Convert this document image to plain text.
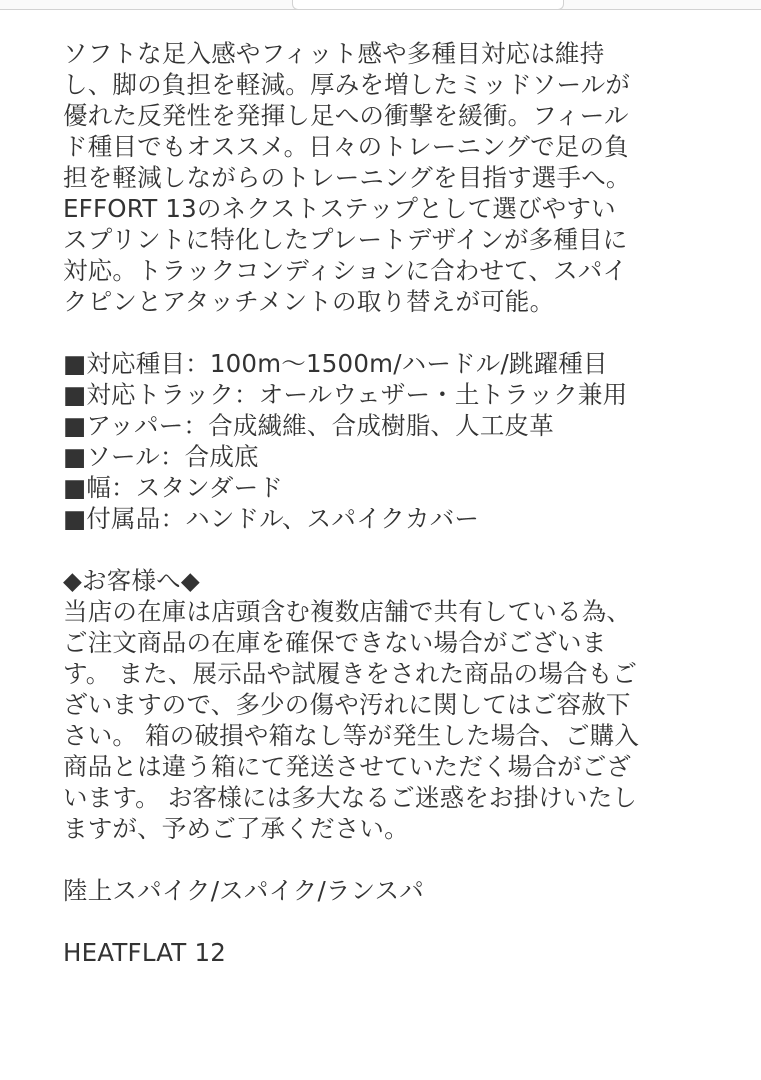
ソフトな足入感やフィット感や多種目対応は維持
し、脚の負担を軽減。厚みを増したミッドソールが
優れた反発性を発揮し足への衝撃を緩衝。フィール
ド種目でもオススメ。日々のトレーニングで足の負
担を軽減しながらのトレーニングを目指す選手へ。
EFFORT 13のネクストステップとして選びやすい
スプリントに特化したプレートデザインが多種目に
対応。トラックコンディションに合わせて、スパイ
クピンとアタッチメントの取り替えが可能。

■対応種目：100m〜1500m/ハードル/跳躍種目
■対応トラック：オールウェザー・土トラック兼用
■アッパー：合成繊維、合成樹脂、人工皮革
■ソール：合成底
■幅：スタンダード
■付属品：ハンドル、スパイクカバー

◆お客様へ◆

当店の在庫は店頭含む複数店舗で共有している為、
ご注文商品の在庫を確保できない場合がございま
す。 また、展示品や試履きをされた商品の場合もご
ざいますので、多少の傷や汚れに関してはご容赦下
さい。 箱の破損や箱なし等が発生した場合、ご購入
商品とは違う箱にて発送させていただく場合がござ
います。 お客様には多大なるご迷惑をお掛けいたし
ますが、予めご了承ください。

陸上スパイク/スパイク/ランスパ

HEATFLAT 12
